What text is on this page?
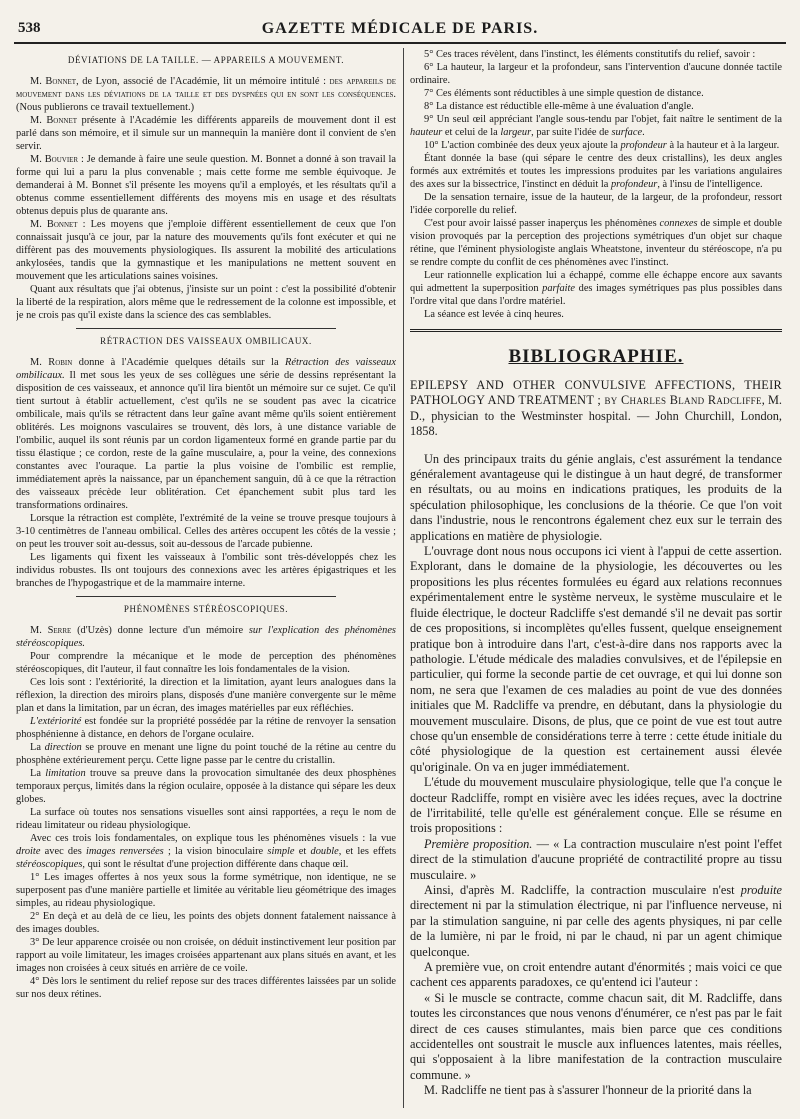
538	GAZETTE MÉDICALE DE PARIS.
DÉVIATIONS DE LA TAILLE. — APPAREILS A MOUVEMENT.

M. Bonnet, de Lyon, associé de l'Académie, lit un mémoire intitulé : des appareils de mouvement dans les déviations de la taille et des dyspnées qui en sont les conséquences. (Nous publierons ce travail textuellement.)

M. Bonnet présente à l'Académie les différents appareils de mouvement dont il est parlé dans son mémoire, et il simule sur un mannequin la manière dont il convient de s'en servir.

M. Bouvier : Je demande à faire une seule question. M. Bonnet a donné à son travail la forme qui lui a paru la plus convenable ; mais cette forme me semble équivoque. Je demanderai à M. Bonnet s'il présente les moyens qu'il a employés, et les résultats qu'il a obtenus comme essentiellement différents des moyens mis en usage et des résultats obtenus depuis plus de quarante ans.

M. Bonnet : Les moyens que j'emploie diffèrent essentiellement de ceux que l'on connaissait jusqu'à ce jour, par la nature des mouvements qu'ils font exécuter et qui ne diffèrent pas des mouvements physiologiques. Ils assurent la mobilité des articulations ankylosées, tandis que la gymnastique et les manipulations ne mettent souvent en mouvement que les articulations saines voisines.

Quant aux résultats que j'ai obtenus, j'insiste sur un point : c'est la possibilité d'obtenir la liberté de la respiration, alors même que le redressement de la colonne est impossible, et je ne crois pas qu'il existe dans la science des cas semblables.

RÉTRACTION DES VAISSEAUX OMBILICAUX.

M. Robin donne à l'Académie quelques détails sur la Rétraction des vaisseaux ombilicaux. Il met sous les yeux de ses collègues une série de dessins représentant la disposition de ces vaisseaux, et annonce qu'il lira bientôt un mémoire sur ce sujet. Ce qu'il tient surtout à établir actuellement, c'est qu'ils ne se soudent pas avec la cicatrice ombilicale, mais qu'ils se rétractent dans leur gaîne avant même qu'ils soient entièrement oblitérés. Les moignons vasculaires se trouvent, dès lors, à une distance variable de l'ombilic, auquel ils sont réunis par un cordon ligamenteux formé en grande partie par du tissu élastique ; ce cordon, reste de la gaîne musculaire, a, pour la veine, des connexions constantes avec l'ouraque. La partie la plus voisine de l'ombilic est remplie, immédiatement après la naissance, par un épanchement sanguin, dû à ce que la rétraction des vaisseaux précède leur oblitération. Cet épanchement subit plus tard les transformations ordinaires.

Lorsque la rétraction est complète, l'extrémité de la veine se trouve presque toujours à 3-10 centimètres de l'anneau ombilical. Celles des artères occupent les côtés de la vessie ; on peut les trouver soit au-dessus, soit au-dessous de l'arcade pubienne.

Les ligaments qui fixent les vaisseaux à l'ombilic sont très-développés chez les individus robustes. Ils ont toujours des connexions avec les artères épigastriques et les branches de l'hypogastrique et de la mammaire interne.

PHÉNOMÈNES STÉRÉOSCOPIQUES.

M. Serre (d'Uzès) donne lecture d'un mémoire sur l'explication des phénomènes stéréoscopiques.

Pour comprendre la mécanique et le mode de perception des phénomènes stéréoscopiques, dit l'auteur, il faut connaître les lois fondamentales de la vision.

Ces lois sont : l'extériorité, la direction et la limitation, ayant leurs analogues dans la réflexion, la direction des miroirs plans, disposés d'une manière convergente sur le même plan et dans la limitation, par un écran, des images matérielles par eux réfléchies.

L'extériorité est fondée sur la propriété possédée par la rétine de renvoyer la sensation phosphénienne à distance, en dehors de l'organe oculaire.

La direction se prouve en menant une ligne du point touché de la rétine au centre du phosphène extérieurement perçu. Cette ligne passe par le centre du cristallin.

La limitation trouve sa preuve dans la provocation simultanée des deux phosphènes temporaux perçus, limités dans la région oculaire, opposée à la distance qui sépare les deux globes.

La surface où toutes nos sensations visuelles sont ainsi rapportées, a reçu le nom de rideau limitateur ou rideau physiologique.

Avec ces trois lois fondamentales, on explique tous les phénomènes visuels : la vue droite avec des images renversées ; la vision binoculaire simple et double, et les effets stéréoscopiques, qui sont le résultat d'une projection différente dans chaque œil.

1° Les images offertes à nos yeux sous la forme symétrique, non identique, ne se superposent pas d'une manière partielle et limitée au véritable lieu géométrique des images simples, au rideau physiologique.

2° En deçà et au delà de ce lieu, les points des objets donnent fatalement naissance à des images doubles.

3° De leur apparence croisée ou non croisée, on déduit instinctivement leur position par rapport au voile limitateur, les images croisées appartenant aux plans situés en avant, et les images non croisées à ceux situés en arrière de ce voile.

4° Dès lors le sentiment du relief repose sur des traces différentes laissées par un solide sur nos deux rétines.

5° Ces traces révèlent, dans l'instinct, les éléments constitutifs du relief, savoir :

6° La hauteur, la largeur et la profondeur, sans l'intervention d'aucune donnée tactile ordinaire.

7° Ces éléments sont réductibles à une simple question de distance.

8° La distance est réductible elle-même à une évaluation d'angle.

9° Un seul œil appréciant l'angle sous-tendu par l'objet, fait naître le sentiment de la hauteur et celui de la largeur, par suite l'idée de surface.

10° L'action combinée des deux yeux ajoute la profondeur à la hauteur et à la largeur.

Étant donnée la base (qui sépare le centre des deux cristallins), les deux angles formés aux extrémités et toutes les impressions produites par les variations angulaires des axes sur la bissectrice, l'instinct en déduit la profondeur, à l'insu de l'intelligence.

De la sensation ternaire, issue de la hauteur, de la largeur, de la profondeur, ressort l'idée corporelle du relief.

C'est pour avoir laissé passer inaperçus les phénomènes connexes de simple et double vision provoqués par la perception des projections symétriques d'un objet sur chaque rétine, que l'éminent physiologiste anglais Wheatstone, inventeur du stéréoscope, n'a pu se rendre compte du conflit de ces phénomènes avec l'instinct.

Leur rationnelle explication lui a échappé, comme elle échappe encore aux savants qui admettent la superposition parfaite des images symétriques pas plus possibles dans l'ordre vital que dans l'ordre matériel.

La séance est levée à cinq heures.

BIBLIOGRAPHIE.

EPILEPSY AND OTHER CONVULSIVE AFFECTIONS, THEIR PATHOLOGY AND TREATMENT ; by Charles Bland Radcliffe, M. D., physician to the Westminster hospital. — John Churchill, London, 1858.

Un des principaux traits du génie anglais, c'est assurément la tendance généralement avantageuse qui le distingue à un haut degré, de transformer en résultats, ou au moins en indications pratiques, les produits de la spéculation philosophique, les conclusions de la théorie. Ce que l'on voit dans l'industrie, nous le rencontrons également chez eux sur le terrain des applications en matière de physiologie.

L'ouvrage dont nous nous occupons ici vient à l'appui de cette assertion. Explorant, dans le domaine de la physiologie, les découvertes ou les propositions les plus récentes formulées eu égard aux relations reconnues expérimentalement entre le système nerveux, le système musculaire et le fluide électrique, le docteur Radcliffe s'est demandé s'il ne devait pas sortir de ces propositions, si incomplètes qu'elles fussent, quelque enseignement pratique bon à introduire dans l'art, c'est-à-dire dans nos rapports avec la pathologie. L'étude médicale des maladies convulsives, et de l'épilepsie en particulier, qui forme la seconde partie de cet ouvrage, et qui lui donne son nom, ne sera que l'examen de ces maladies au point de vue des données initiales que M. Radcliffe va prendre, en débutant, dans la physiologie du mouvement musculaire. Disons, de plus, que ce point de vue est tout autre chose qu'un ensemble de considérations terre à terre : cette étude initiale du côté physiologique de la question est certainement aussi élevée qu'originale. On va en juger immédiatement.

L'étude du mouvement musculaire physiologique, telle que l'a conçue le docteur Radcliffe, rompt en visière avec les idées reçues, avec la doctrine de l'irritabilité, telle qu'elle est généralement conçue. Elle se résume en trois propositions :

Première proposition. — « La contraction musculaire n'est point l'effet direct de la stimulation d'aucune propriété de contractilité propre au tissu musculaire. »

Ainsi, d'après M. Radcliffe, la contraction musculaire n'est produite directement ni par la stimulation électrique, ni par l'influence nerveuse, ni par la stimulation sanguine, ni par celle des agents physiques, ni par celle de la lumière, ni par le froid, ni par le chaud, ni par un agent chimique quelconque.

A première vue, on croit entendre autant d'énormités ; mais voici ce que cachent ces apparents paradoxes, ce qu'entend ici l'auteur :

« Si le muscle se contracte, comme chacun sait, dit M. Radcliffe, dans toutes les circonstances que nous venons d'énumérer, ce n'est pas par le fait direct de ces causes stimulantes, mais bien parce que ces conditions accidentelles ont soustrait le muscle aux influences latentes, mais réelles, qui s'opposaient à la libre manifestation de la contraction musculaire commune. »

M. Radcliffe ne tient pas à s'assurer l'honneur de la priorité dans la
